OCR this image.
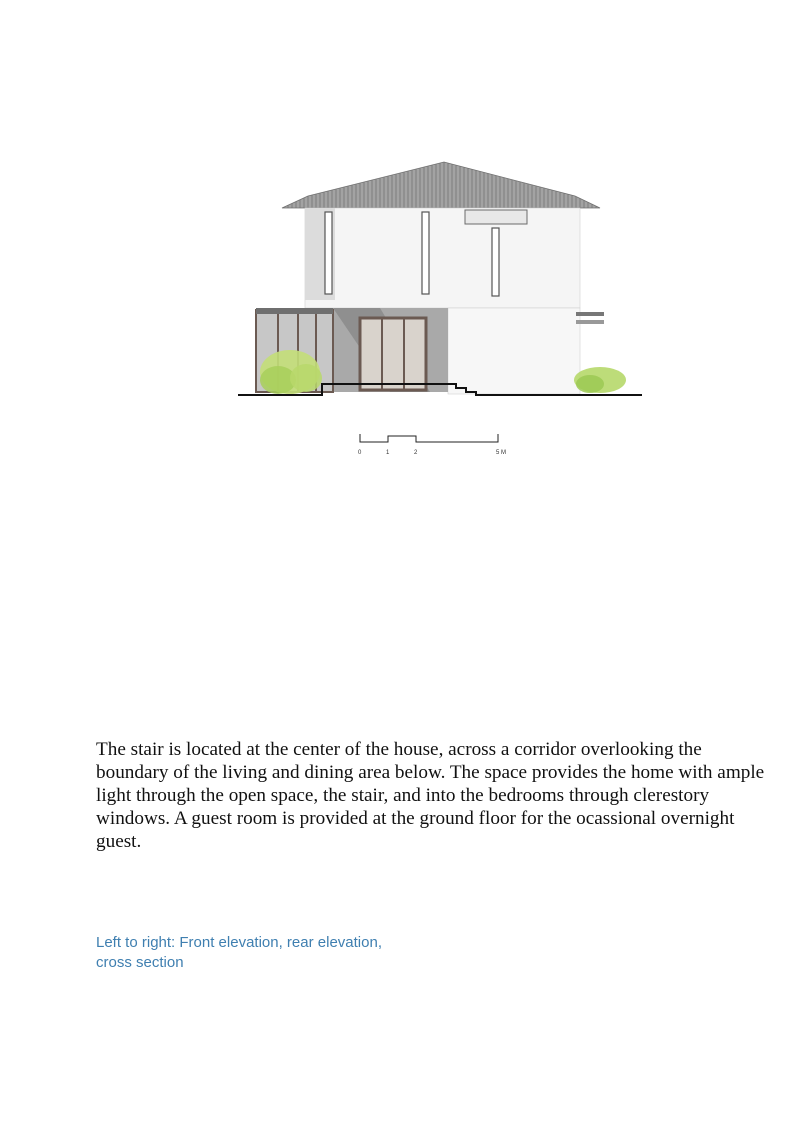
0	1	2	5 M

The stair is located at the center of the house, across a corridor overlooking the boundary of the living and dining area below. The space provides the home with ample light through the open space, the stair, and into the bedrooms through clerestory windows. A guest room is provided at the ground floor for the ocassional overnight guest.

Left to right: Front elevation, rear elevation,
cross section
